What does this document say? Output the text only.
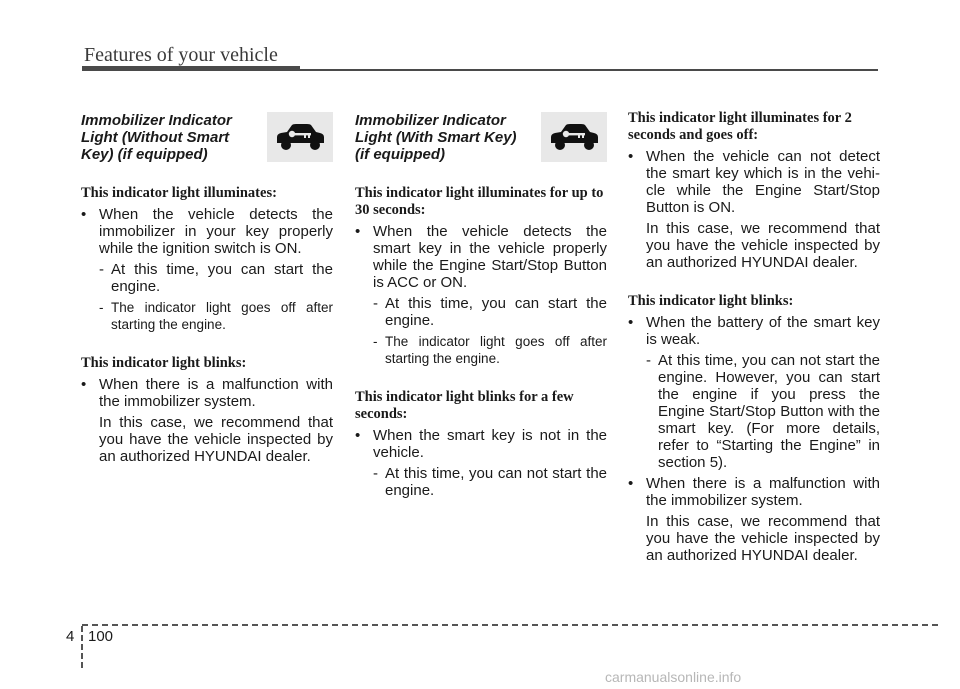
Features of your vehicle
Immobilizer Indicator Light (Without Smart Key) (if equipped)
This indicator light illuminates:
• When the vehicle detects the immobilizer in your key properly while the ignition switch is ON.
- At this time, you can start the engine.
- The indicator light goes off after starting the engine.
This indicator light blinks:
• When there is a malfunction with the immobilizer system.
In this case, we recommend that you have the vehicle inspected by an authorized HYUNDAI dealer.
Immobilizer Indicator Light (With Smart Key) (if equipped)
This indicator light illuminates for up to 30 seconds:
• When the vehicle detects the smart key in the vehicle properly while the Engine Start/Stop Button is ACC or ON.
- At this time, you can start the engine.
- The indicator light goes off after starting the engine.
This indicator light blinks for a few seconds:
• When the smart key is not in the vehicle.
- At this time, you can not start the engine.
This indicator light illuminates for 2 seconds and goes off:
• When the vehicle can not detect the smart key which is in the vehi-cle while the Engine Start/Stop Button is ON.
In this case, we recommend that you have the vehicle inspected by an authorized HYUNDAI dealer.
This indicator light blinks:
• When the battery of the smart key is weak.
- At this time, you can not start the engine. However, you can start the engine if you press the Engine Start/Stop Button with the smart key. (For more details, refer to “Starting the Engine” in section 5).
• When there is a malfunction with the immobilizer system.
In this case, we recommend that you have the vehicle inspected by an authorized HYUNDAI dealer.
4 100
carmanualsonline.info
